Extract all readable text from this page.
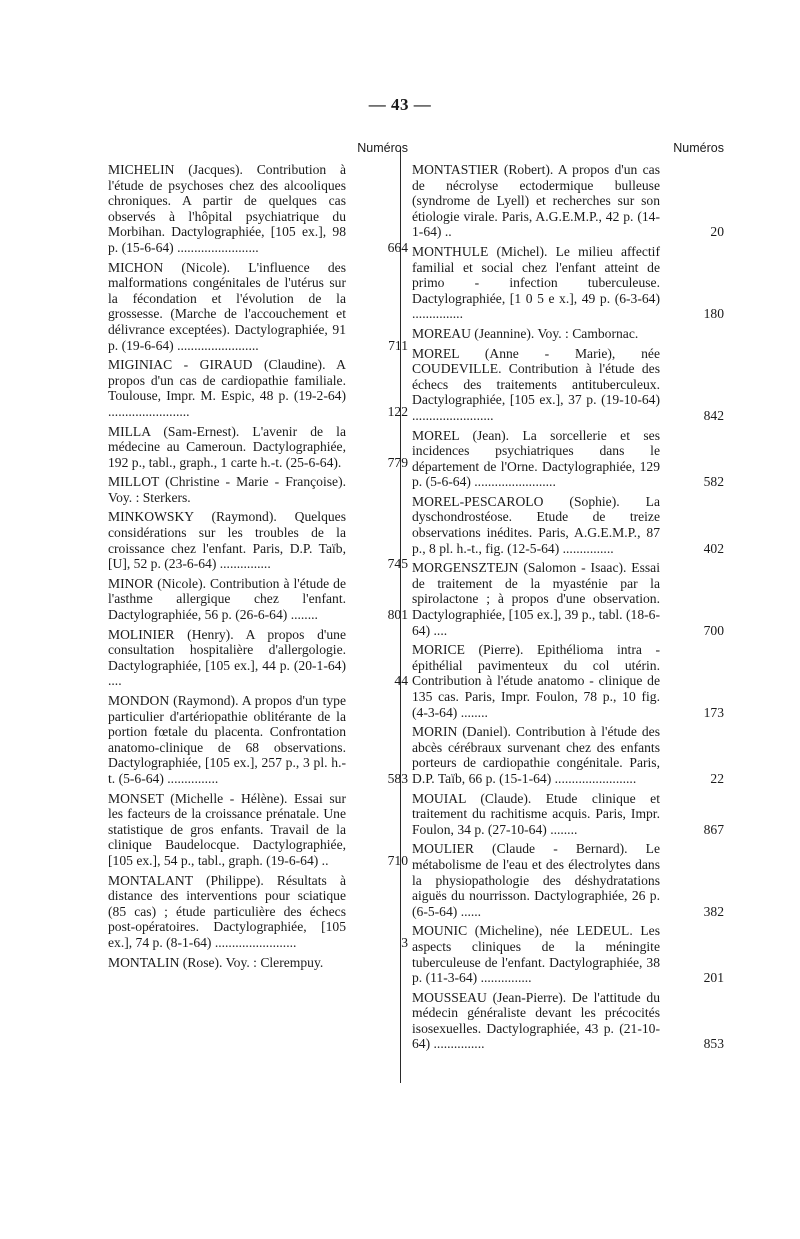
— 43 —
Numéros
MICHELIN (Jacques). Contribution à l'étude de psychoses chez des alcooliques chroniques. A partir de quelques cas observés à l'hôpital psychiatrique du Morbihan. Dactylographiée, [105 ex.], 98 p. (15-6-64) ........................	664
MICHON (Nicole). L'influence des malformations congénitales de l'utérus sur la fécondation et l'évolution de la grossesse. (Marche de l'accouchement et délivrance exceptées). Dactylographiée, 91 p. (19-6-64) ........................	711
MIGINIAC - GIRAUD (Claudine). A propos d'un cas de cardiopathie familiale. Toulouse, Impr. M. Espic, 48 p. (19-2-64) ........................	122
MILLA (Sam-Ernest). L'avenir de la médecine au Cameroun. Dactylographiée, 192 p., tabl., graph., 1 carte h.-t. (25-6-64).	779
MILLOT (Christine - Marie - Françoise). Voy. : Sterkers.
MINKOWSKY (Raymond). Quelques considérations sur les troubles de la croissance chez l'enfant. Paris, D.P. Taïb, [U], 52 p. (23-6-64) ...............	745
MINOR (Nicole). Contribution à l'étude de l'asthme allergique chez l'enfant. Dactylographiée, 56 p. (26-6-64) ........	801
MOLINIER (Henry). A propos d'une consultation hospitalière d'allergologie. Dactylographiée, [105 ex.], 44 p. (20-1-64) ....	44
MONDON (Raymond). A propos d'un type particulier d'artériopathie oblitérante de la portion fœtale du placenta. Confrontation anatomo-clinique de 68 observations. Dactylographiée, [105 ex.], 257 p., 3 pl. h.-t. (5-6-64) ...............	583
MONSET (Michelle - Hélène). Essai sur les facteurs de la croissance prénatale. Une statistique de gros enfants. Travail de la clinique Baudelocque. Dactylographiée, [105 ex.], 54 p., tabl., graph. (19-6-64) ..	710
MONTALANT (Philippe). Résultats à distance des interventions pour sciatique (85 cas) ; étude particulière des échecs post-opératoires. Dactylographiée, [105 ex.], 74 p. (8-1-64) ........................	3
MONTALIN (Rose). Voy. : Clerempuy.
Numéros
MONTASTIER (Robert). A propos d'un cas de nécrolyse ectodermique bulleuse (syndrome de Lyell) et recherches sur son étiologie virale. Paris, A.G.E.M.P., 42 p. (14-1-64) ..	20
MONTHULE (Michel). Le milieu affectif familial et social chez l'enfant atteint de primo - infection tuberculeuse. Dactylographiée, [1 0 5 e x.], 49 p. (6-3-64) ...............	180
MOREAU (Jeannine). Voy. : Cambornac.
MOREL (Anne - Marie), née COUDEVILLE. Contribution à l'étude des échecs des traitements antituberculeux. Dactylographiée, [105 ex.], 37 p. (19-10-64) ........................	842
MOREL (Jean). La sorcellerie et ses incidences psychiatriques dans le département de l'Orne. Dactylographiée, 129 p. (5-6-64) ........................	582
MOREL-PESCAROLO (Sophie). La dyschondrostéose. Etude de treize observations inédites. Paris, A.G.E.M.P., 87 p., 8 pl. h.-t., fig. (12-5-64) ...............	402
MORGENSZTEJN (Salomon - Isaac). Essai de traitement de la myasténie par la spirolactone ; à propos d'une observation. Dactylographiée, [105 ex.], 39 p., tabl. (18-6-64) ....	700
MORICE (Pierre). Epithélioma intra - épithélial pavimenteux du col utérin. Contribution à l'étude anatomo - clinique de 135 cas. Paris, Impr. Foulon, 78 p., 10 fig. (4-3-64) ........	173
MORIN (Daniel). Contribution à l'étude des abcès cérébraux survenant chez des enfants porteurs de cardiopathie congénitale. Paris, D.P. Taïb, 66 p. (15-1-64) ........................	22
MOUIAL (Claude). Etude clinique et traitement du rachitisme acquis. Paris, Impr. Foulon, 34 p. (27-10-64) ........	867
MOULIER (Claude - Bernard). Le métabolisme de l'eau et des électrolytes dans la physiopathologie des déshydratations aiguës du nourrisson. Dactylographiée, 26 p. (6-5-64) ......	382
MOUNIC (Micheline), née LEDEUL. Les aspects cliniques de la méningite tuberculeuse de l'enfant. Dactylographiée, 38 p. (11-3-64) ...............	201
MOUSSEAU (Jean-Pierre). De l'attitude du médecin généraliste devant les précocités isosexuelles. Dactylographiée, 43 p. (21-10-64) ...............	853
